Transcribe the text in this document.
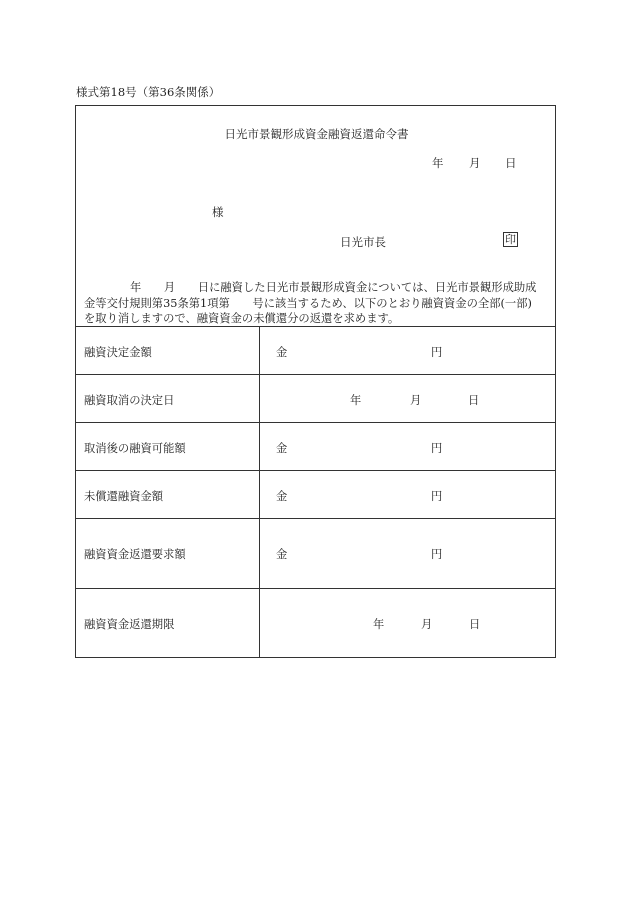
様式第18号（第36条関係）
日光市景観形成資金融資返還命令書
年 月 日
様
日光市長	印
年　　月　　日に融資した日光市景観形成資金については、日光市景観形成助成
金等交付規則第35条第1項第　　号に該当するため、以下のとおり融資資金の全部(一部)
を取り消しますので、融資資金の未償還分の返還を求めます。
融資決定金額	金	円
融資取消の決定日	年	月	日
取消後の融資可能額	金	円
未償還融資金額	金	円
融資資金返還要求額	金	円
融資資金返還期限	年	月	日
